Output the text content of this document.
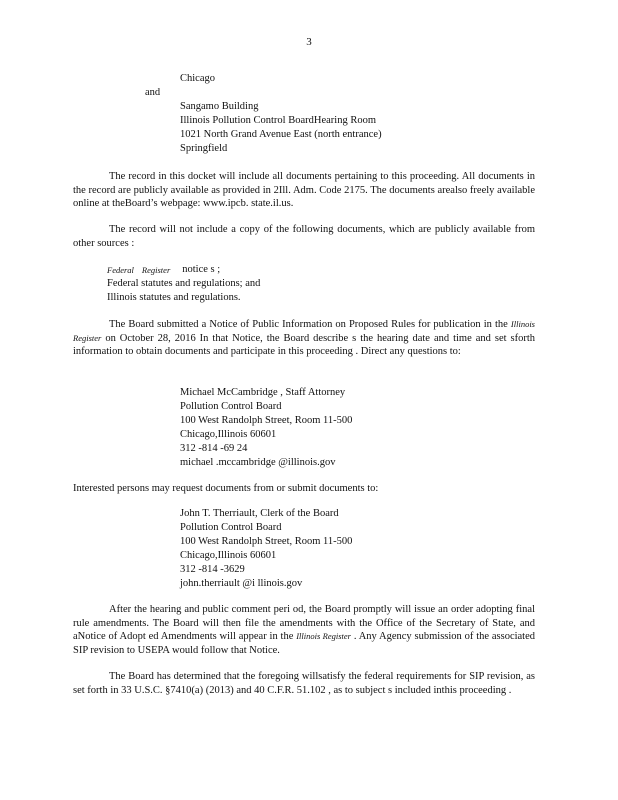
3
Chicago
and
Sangamo Building
Illinois Pollution Control BoardHearing Room
1021 North Grand Avenue East (north entrance)
Springfield
The record in this docket will include all documents pertaining to this proceeding. All documents in the record are publicly available as provided in 2Ill. Adm. Code 2175. The documents arealso freely available online at theBoard’s webpage: www.ipcb. state.il.us.
The record will not include a copy of the following documents, which are publicly available from other sources :
Federal Register notice s ;
Federal statutes and regulations; and
Illinois statutes and regulations.
The Board submitted a Notice of Public Information on Proposed Rules for publication in the Illinois Register on October 28, 2016 In that Notice, the Board describe s the hearing date and time and set sforth information to obtain documents and participate in this proceeding . Direct any questions to:
Michael McCambridge , Staff Attorney
Pollution Control Board
100 West Randolph Street, Room 11-500
Chicago,Illinois 60601
312 -814 -69 24
michael .mccambridge @illinois.gov
Interested persons may request documents from or submit documents to:
John T. Therriault, Clerk of the Board
Pollution Control Board
100 West Randolph Street, Room 11-500
Chicago,Illinois 60601
312 -814 -3629
john.therriault @i llinois.gov
After the hearing and public comment peri od, the Board promptly will issue an order adopting final rule amendments. The Board will then file the amendments with the Office of the Secretary of State, and aNotice of Adopt ed Amendments will appear in the Illinois Register . Any Agency submission of the associated SIP revision to USEPA would follow that Notice.
The Board has determined that the foregoing willsatisfy the federal requirements for SIP revision, as set forth in 33 U.S.C. §7410(a) (2013) and 40 C.F.R. 51.102 , as to subject s included inthis proceeding .
